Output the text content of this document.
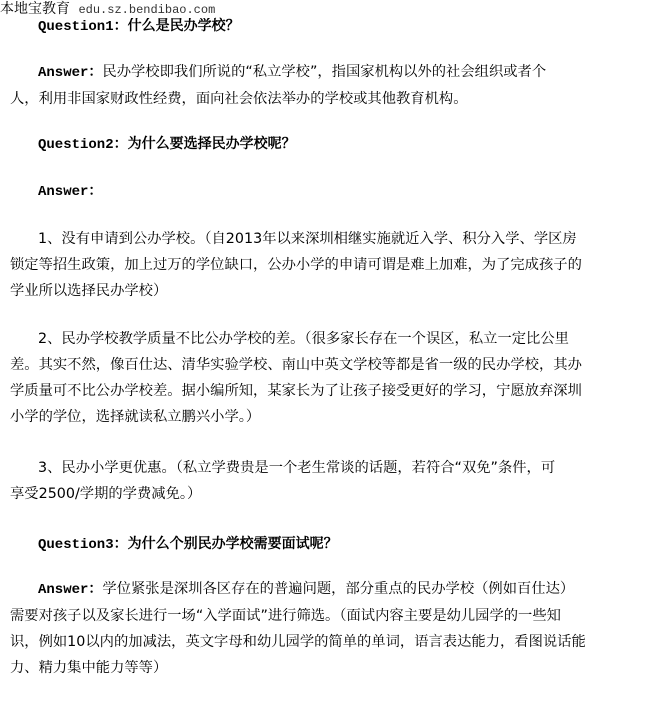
本地宝教育 edu.sz.bendibao.com
Question1：什么是民办学校？
Answer：民办学校即我们所说的“私立学校”，指国家机构以外的社会组织或者个
人，利用非国家财政性经费，面向社会依法举办的学校或其他教育机构。
Question2：为什么要选择民办学校呢？
Answer：
1、没有申请到公办学校。（自2013年以来深圳相继实施就近入学、积分入学、学区房
锁定等招生政策，加上过万的学位缺口，公办小学的申请可谓是难上加难，为了完成孩子的
学业所以选择民办学校）
2、民办学校教学质量不比公办学校的差。（很多家长存在一个误区，私立一定比公里
差。其实不然，像百仕达、清华实验学校、南山中英文学校等都是省一级的民办学校，其办
学质量可不比公办学校差。据小编所知，某家长为了让孩子接受更好的学习，宁愿放弃深圳
小学的学位，选择就读私立鹏兴小学。）
3、民办小学更优惠。（私立学费贵是一个老生常谈的话题，若符合“双免”条件，可
享受2500/学期的学费减免。）
Question3：为什么个别民办学校需要面试呢？
Answer：学位紧张是深圳各区存在的普遍问题，部分重点的民办学校（例如百仕达）
需要对孩子以及家长进行一场“入学面试”进行筛选。（面试内容主要是幼儿园学的一些知
识，例如10以内的加减法，英文字母和幼儿园学的简单的单词，语言表达能力，看图说话能
力、精力集中能力等等）
